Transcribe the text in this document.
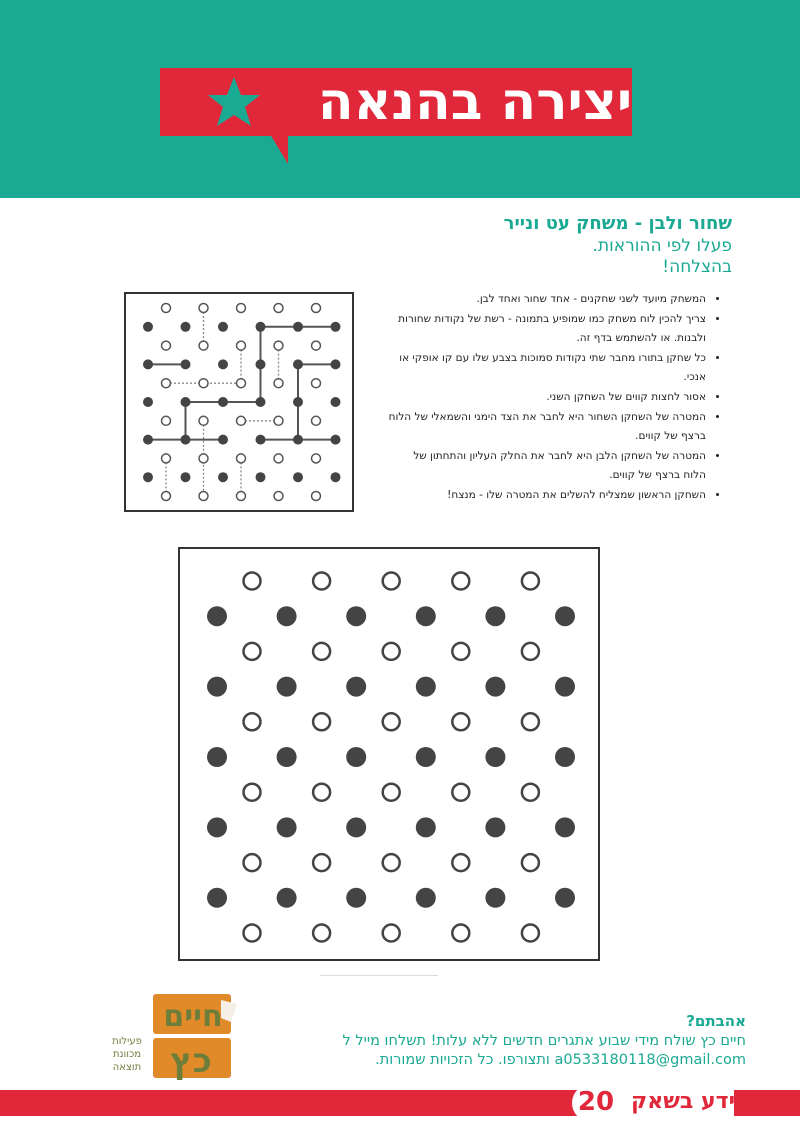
יצירה בהנאה
שחור ולבן - משחק עט ונייר
פעלו לפי ההוראות.
בהצלחה!
• המשחק מיועד לשני שחקנים - אחד שחור ואחד לבן.
• צריך להכין לוח משחק כמו שמופיע בתמונה - רשת של נקודות שחורות ולבנות. או להשתמש בדף זה.
• כל שחקן בתורו מחבר שתי נקודות סמוכות בצבע שלו עם קו אופקי או אנכי.
• אסור לחצות קווים של השחקן השני.
• המטרה של השחקן השחור היא לחבר את הצד הימני והשמאלי של הלוח ברצף של קווים.
• המטרה של השחקן הלבן היא לחבר את החלק העליון והתחתון של הלוח ברצף של קווים.
• השחקן הראשון שמצליח להשלים את המטרה שלו - מנצח!
חיים
כץ
פעילות
מכוונת
תוצאה
אהבתם?
חיים כץ שולח מידי שבוע אתגרים חדשים ללא עלות! תשלחו מייל ל
a0533180118@gmail.com ותצורפו. כל הזכויות שמורות.
20 מידע בשאק
